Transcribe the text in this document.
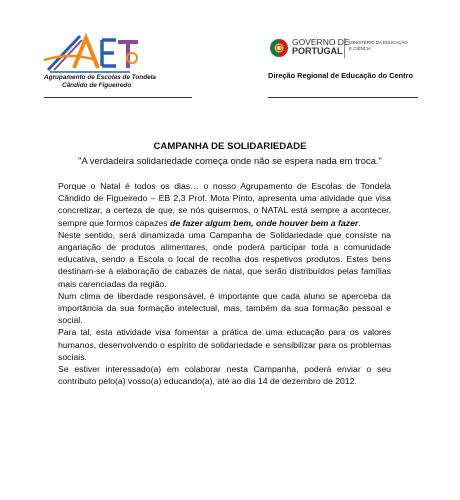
Agrupamento de Escolas de Tondela
Cândido de Figueiredo
GOVERNO DE
PORTUGAL
MINISTÉRIO DA EDUCAÇÃO
E CIÊNCIA
Direção Regional de Educação do Centro
CAMPANHA DE SOLIDARIEDADE
"A verdadeira solidariedade começa onde não se espera nada em troca."

Porque o Natal é todos os dias… o nosso Agrupamento de Escolas de Tondela Cândido de Figueiredo – EB 2,3 Prof. Mota Pinto, apresenta uma atividade que visa concretizar, a certeza de que, se nós quisermos, o NATAL está sempre a acontecer, sempre que formos capazes de fazer algum bem, onde houver bem a fazer.

Neste sentido, será dinamizada uma Campanha de Solidariedade que consiste na angariação de produtos alimentares, onde poderá participar toda a comunidade educativa, sendo a Escola o local de recolha dos respetivos produtos. Estes bens destinam-se à elaboração de cabazes de natal, que serão distribuídos pelas famílias mais carenciadas da região.

Num clima de liberdade responsável, é importante que cada aluno se aperceba da importância da sua formação intelectual, mas, também da sua formação pessoal e social.

Para tal, esta atividade visa fomentar a prática de uma educação para os valores humanos, desenvolvendo o espírito de solidariedade e sensibilizar para os problemas sociais.

Se estiver interessado(a) em colaborar nesta Campanha, poderá enviar o seu contributo pelo(a) vosso(a) educando(a), até ao dia 14 de dezembro de 2012.
